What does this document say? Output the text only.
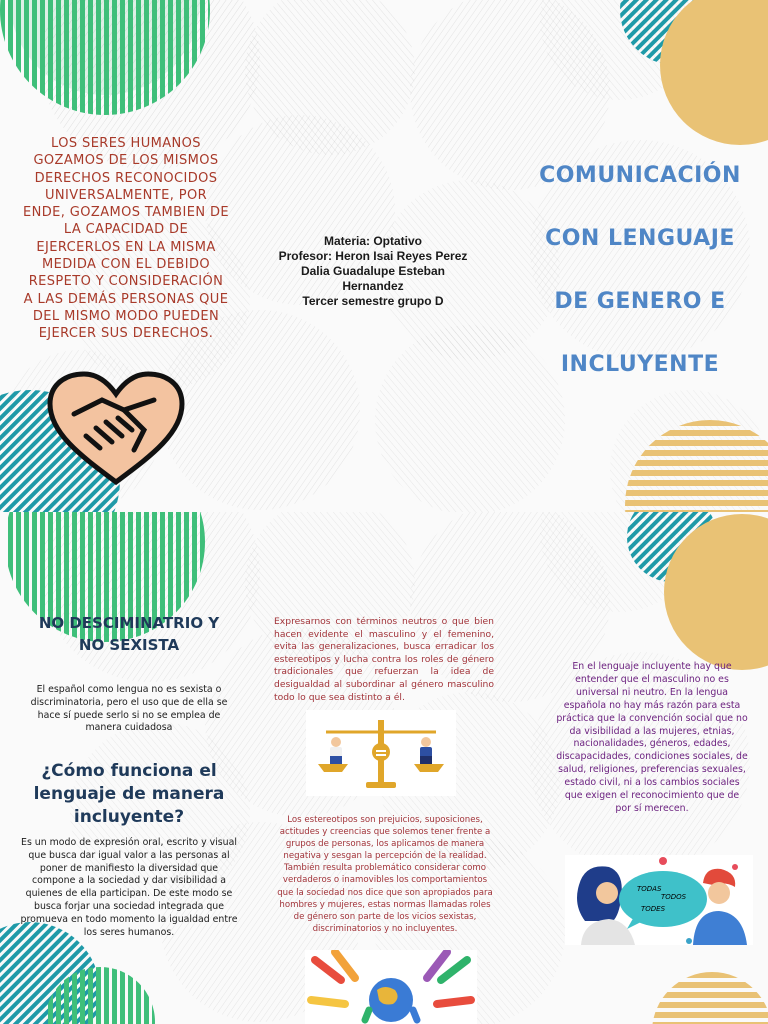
LOS SERES HUMANOS GOZAMOS DE LOS MISMOS DERECHOS RECONOCIDOS UNIVERSALMENTE, POR ENDE, GOZAMOS TAMBIEN DE LA CAPACIDAD DE EJERCERLOS EN LA MISMA MEDIDA CON EL DEBIDO RESPETO Y CONSIDERACIÓN A LAS DEMÁS PERSONAS QUE DEL MISMO MODO PUEDEN EJERCER SUS DERECHOS.
Materia: Optativo
Profesor: Heron Isai Reyes Perez
Dalia Guadalupe Esteban
Hernandez
Tercer semestre grupo D
COMUNICACIÓN
CON LENGUAJE
DE GENERO E
INCLUYENTE
NO DESCIMINATRIO Y
NO SEXISTA
El español como lengua no es sexista o discriminatoria, pero el uso que de ella se hace sí puede serlo si no se emplea de manera cuidadosa
¿Cómo funciona el
lenguaje de manera
incluyente?
Es un modo de expresión oral, escrito y visual que busca dar igual valor a las personas al poner de manifiesto la diversidad que compone a la sociedad y dar visibilidad a quienes de ella participan. De este modo se busca forjar una sociedad integrada que promueva en todo momento la igualdad entre los seres humanos.
Expresarnos con términos neutros o que bien hacen evidente el masculino y el femenino, evita las generalizaciones, busca erradicar los estereotipos y lucha contra los roles de género tradicionales que refuerzan la idea de desigualdad al subordinar al género masculino todo lo que sea distinto a él.
Los estereotipos son prejuicios, suposiciones, actitudes y creencias que solemos tener frente a grupos de personas, los aplicamos de manera negativa y sesgan la percepción de la realidad. También resulta problemático considerar como verdaderos o inamovibles los comportamientos que la sociedad nos dice que son apropiados para hombres y mujeres, estas normas llamadas roles de género son parte de los vicios sexistas, discriminatorios y no incluyentes.
En el lenguaje incluyente hay que entender que el masculino no es universal ni neutro. En la lengua española no hay más razón para esta práctica que la convención social que no da visibilidad a las mujeres, etnias, nacionalidades, géneros, edades, discapacidades, condiciones sociales, de salud, religiones, preferencias sexuales, estado civil, ni a los cambios sociales que exigen el reconocimiento que de por sí merecen.
TODAS
TODOS
TODES
